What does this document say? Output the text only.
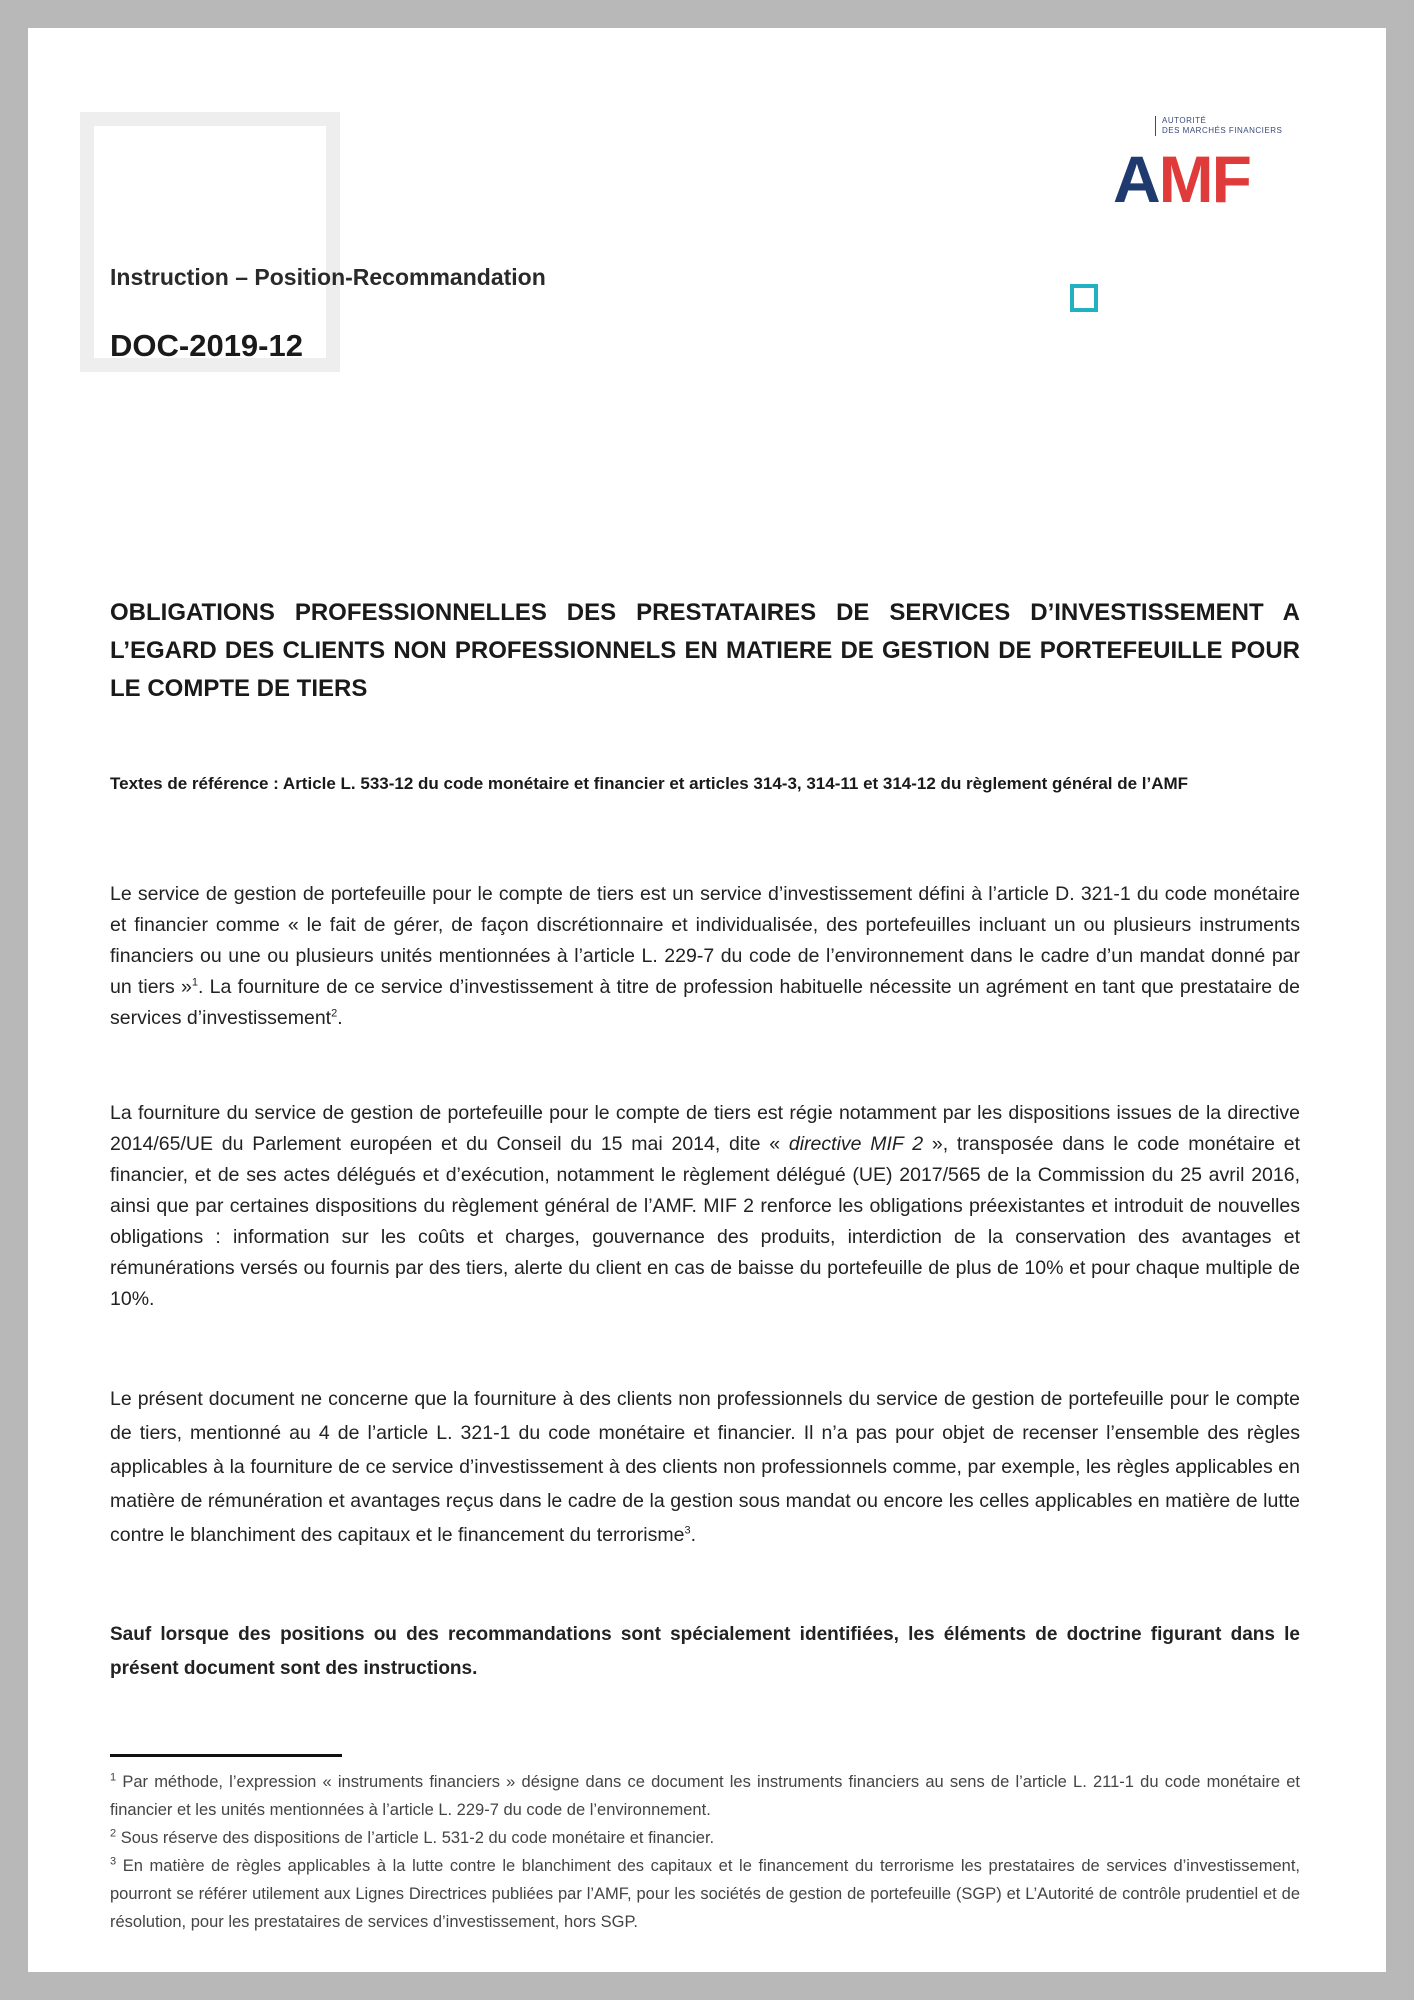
Instruction – Position-Recommandation
DOC-2019-12
AUTORITÉ
DES MARCHÉS FINANCIERS
AMF
OBLIGATIONS PROFESSIONNELLES DES PRESTATAIRES DE SERVICES D’INVESTISSEMENT A L’EGARD DES CLIENTS NON PROFESSIONNELS EN MATIERE DE GESTION DE PORTEFEUILLE POUR LE COMPTE DE TIERS
Textes de référence : Article L. 533-12 du code monétaire et financier et articles 314-3, 314-11 et 314-12 du règlement général de l’AMF

Le service de gestion de portefeuille pour le compte de tiers est un service d’investissement défini à l’article D. 321-1 du code monétaire et financier comme « le fait de gérer, de façon discrétionnaire et individualisée, des portefeuilles incluant un ou plusieurs instruments financiers ou une ou plusieurs unités mentionnées à l’article L. 229-7 du code de l’environnement dans le cadre d’un mandat donné par un tiers »$^1$. La fourniture de ce service d’investissement à titre de profession habituelle nécessite un agrément en tant que prestataire de services d’investissement$^2$.

La fourniture du service de gestion de portefeuille pour le compte de tiers est régie notamment par les dispositions issues de la directive 2014/65/UE du Parlement européen et du Conseil du 15 mai 2014, dite « directive MIF 2 », transposée dans le code monétaire et financier, et de ses actes délégués et d’exécution, notamment le règlement délégué (UE) 2017/565 de la Commission du 25 avril 2016, ainsi que par certaines dispositions du règlement général de l’AMF. MIF 2 renforce les obligations préexistantes et introduit de nouvelles obligations : information sur les coûts et charges, gouvernance des produits, interdiction de la conservation des avantages et rémunérations versés ou fournis par des tiers, alerte du client en cas de baisse du portefeuille de plus de 10% et pour chaque multiple de 10%.

Le présent document ne concerne que la fourniture à des clients non professionnels du service de gestion de portefeuille pour le compte de tiers, mentionné au 4 de l’article L. 321-1 du code monétaire et financier. Il n’a pas pour objet de recenser l’ensemble des règles applicables à la fourniture de ce service d’investissement à des clients non professionnels comme, par exemple, les règles applicables en matière de rémunération et avantages reçus dans le cadre de la gestion sous mandat ou encore les celles applicables en matière de lutte contre le blanchiment des capitaux et le financement du terrorisme$^3$.

Sauf lorsque des positions ou des recommandations sont spécialement identifiées, les éléments de doctrine figurant dans le présent document sont des instructions.

$^1$ Par méthode, l’expression « instruments financiers » désigne dans ce document les instruments financiers au sens de l’article L. 211-1 du code monétaire et financier et les unités mentionnées à l’article L. 229-7 du code de l’environnement.

$^2$ Sous réserve des dispositions de l’article L. 531-2 du code monétaire et financier.

$^3$ En matière de règles applicables à la lutte contre le blanchiment des capitaux et le financement du terrorisme les prestataires de services d’investissement, pourront se référer utilement aux Lignes Directrices publiées par l’AMF, pour les sociétés de gestion de portefeuille (SGP) et L’Autorité de contrôle prudentiel et de résolution, pour les prestataires de services d’investissement, hors SGP.
